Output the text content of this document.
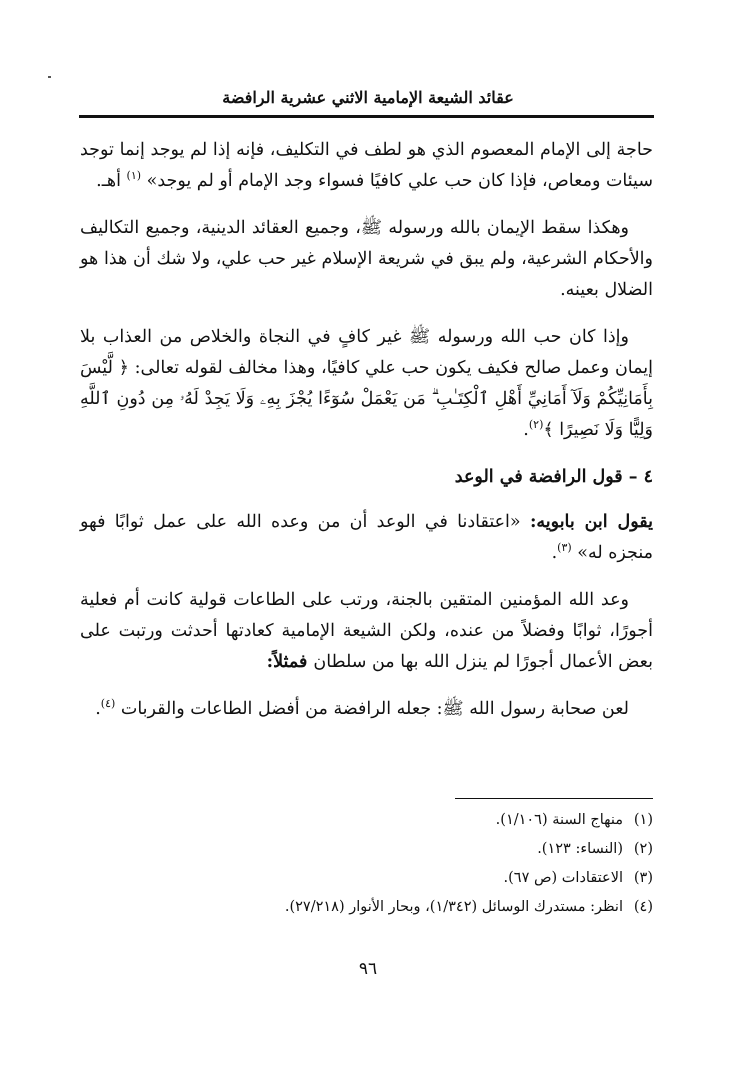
عقائد الشيعة الإمامية الاثني عشرية الرافضة

حاجة إلى الإمام المعصوم الذي هو لطف في التكليف، فإنه إذا لم يوجد إنما توجد سيئات ومعاص، فإذا كان حب علي كافيًا فسواء وجد الإمام أو لم يوجد» $^{(١)}$ أهـ.

وهكذا سقط الإيمان بالله ورسوله ﷺ، وجميع العقائد الدينية، وجميع التكاليف والأحكام الشرعية، ولم يبق في شريعة الإسلام غير حب علي، ولا شك أن هذا هو الضلال بعينه.

وإذا كان حب الله ورسوله ﷺ غير كافٍ في النجاة والخلاص من العذاب بلا إيمان وعمل صالح فكيف يكون حب علي كافيًا، وهذا مخالف لقوله تعالى: ﴿ لَّيْسَ بِأَمَانِيِّكُمْ وَلَآ أَمَانِيِّ أَهْلِ ٱلْكِتَـٰبِ ۗ مَن يَعْمَلْ سُوٓءًا يُجْزَ بِهِۦ وَلَا يَجِدْ لَهُۥ مِن دُونِ ٱللَّهِ وَلِيًّا وَلَا نَصِيرًا ﴾$^{(٢)}$.

٤ – قول الرافضة في الوعد

يقول ابن بابويه: «اعتقادنا في الوعد أن من وعده الله على عمل ثوابًا فهو منجزه له» $^{(٣)}$.

وعد الله المؤمنين المتقين بالجنة، ورتب على الطاعات قولية كانت أم فعلية أجورًا، ثوابًا وفضلاً من عنده، ولكن الشيعة الإمامية كعادتها أحدثت ورتبت على بعض الأعمال أجورًا لم ينزل الله بها من سلطان فمثلاً:

لعن صحابة رسول الله ﷺ: جعله الرافضة من أفضل الطاعات والقربات $^{(٤)}$.

(١)منهاج السنة (١/١٠٦).
(٢)(النساء: ١٢٣).
(٣)الاعتقادات (ص ٦٧).
(٤)انظر: مستدرك الوسائل (١/٣٤٢)، وبحار الأنوار (٢٧/٢١٨).
٩٦
